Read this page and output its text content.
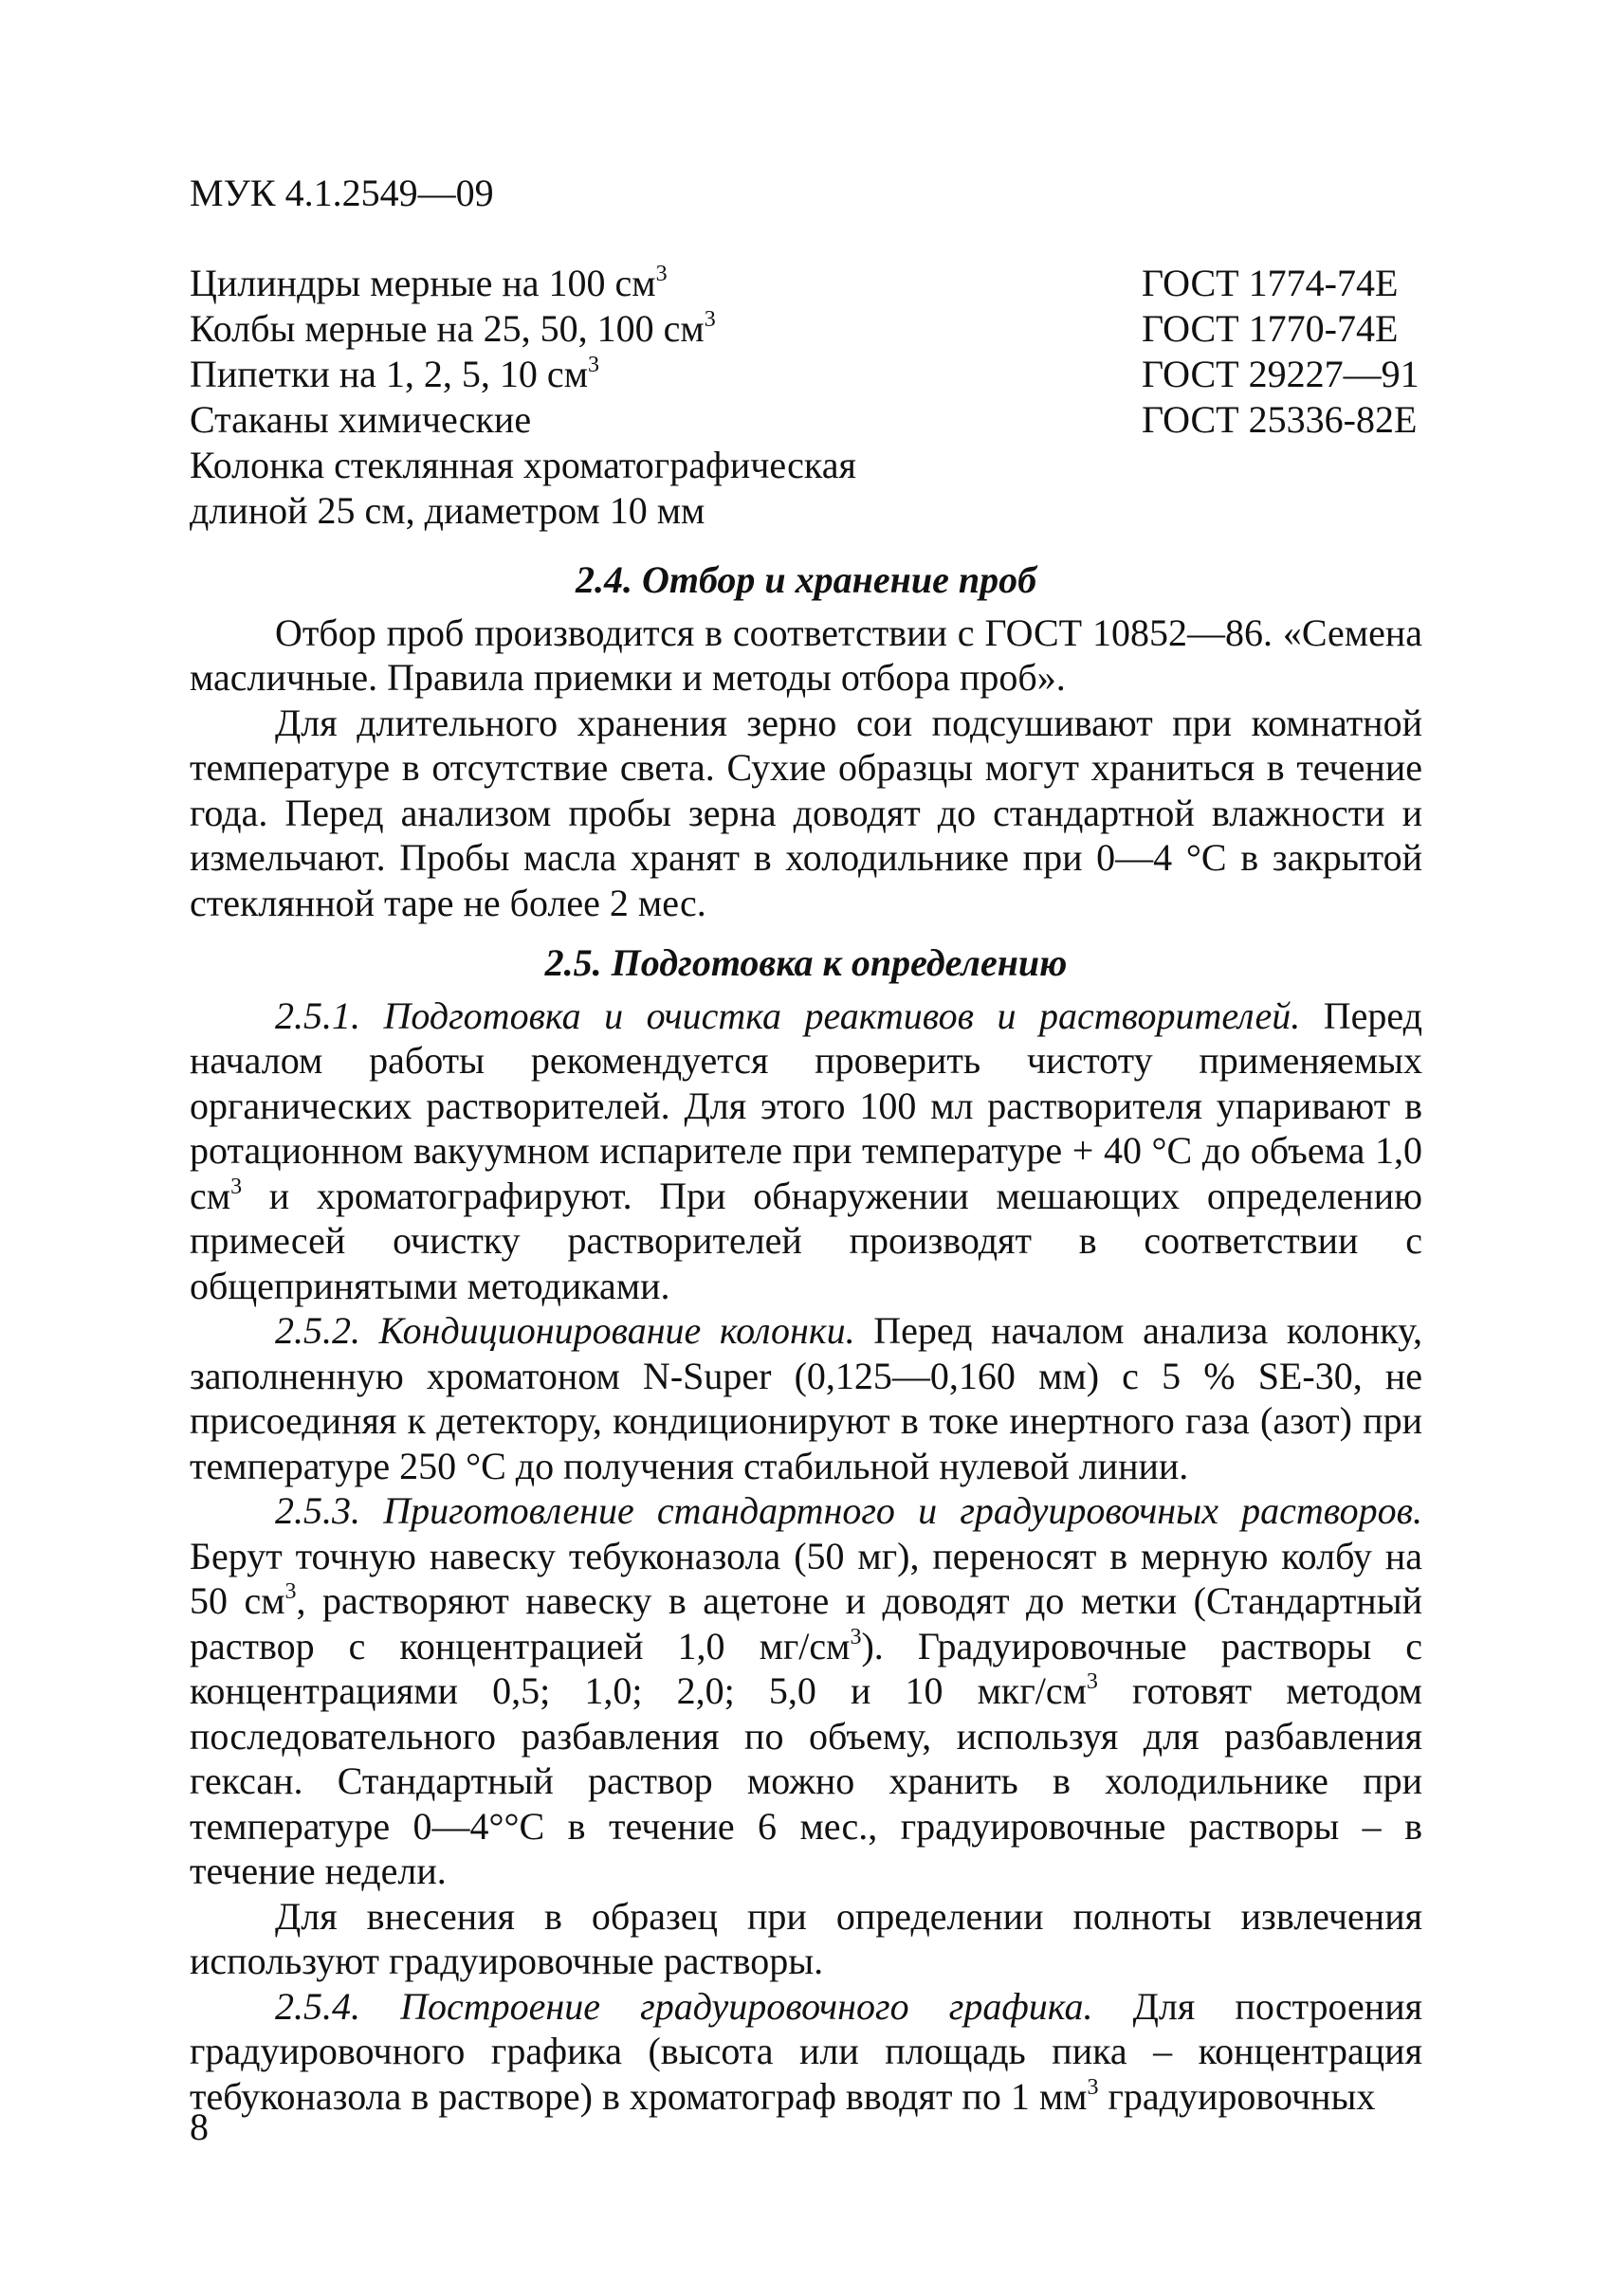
МУК 4.1.2549—09
Цилиндры мерные на 100 $см^3$	ГОСТ 1774-74Е
Колбы мерные на 25, 50, 100 $см^3$	ГОСТ 1770-74Е
Пипетки на 1, 2, 5, 10 $см^3$	ГОСТ 29227—91
Стаканы химические	ГОСТ 25336-82Е
Колонка стеклянная хроматографическая
длиной 25 см, диаметром 10 мм
2.4. Отбор и хранение проб

Отбор проб производится в соответствии с ГОСТ 10852—86. «Семена масличные. Правила приемки и методы отбора проб».

Для длительного хранения зерно сои подсушивают при комнатной температуре в отсутствие света. Сухие образцы могут храниться в течение года. Перед анализом пробы зерна доводят до стандартной влажности и измельчают. Пробы масла хранят в холодильнике при 0—4 °С в закрытой стеклянной таре не более 2 мес.

2.5. Подготовка к определению

2.5.1. Подготовка и очистка реактивов и растворителей. Перед началом работы рекомендуется проверить чистоту применяемых органических растворителей. Для этого 100 мл растворителя упаривают в ротационном вакуумном испарителе при температуре + 40 °С до объема 1,0 $см^3$ и хроматографируют. При обнаружении мешающих определению примесей очистку растворителей производят в соответствии с общепринятыми методиками.

2.5.2. Кондиционирование колонки. Перед началом анализа колонку, заполненную хроматоном N-Super (0,125—0,160 мм) с 5 % SE-30, не присоединяя к детектору, кондиционируют в токе инертного газа (азот) при температуре 250 °С до получения стабильной нулевой линии.

2.5.3. Приготовление стандартного и градуировочных растворов. Берут точную навеску тебуконазола (50 мг), переносят в мерную колбу на 50 $см^3$, растворяют навеску в ацетоне и доводят до метки (Стандартный раствор с концентрацией 1,0 $мг/см^3$). Градуировочные растворы с концентрациями 0,5; 1,0; 2,0; 5,0 и 10 мкг/$см^3$ готовят методом последовательного разбавления по объему, используя для разбавления гексан. Стандартный раствор можно хранить в холодильнике при температуре 0—4°°С в течение 6 мес., градуировочные растворы – в течение недели.

Для внесения в образец при определении полноты извлечения используют градуировочные растворы.

2.5.4. Построение градуировочного графика. Для построения градуировочного графика (высота или площадь пика – концентрация тебуконазола в растворе) в хроматограф вводят по 1 $мм^3$ градуировочных

8
